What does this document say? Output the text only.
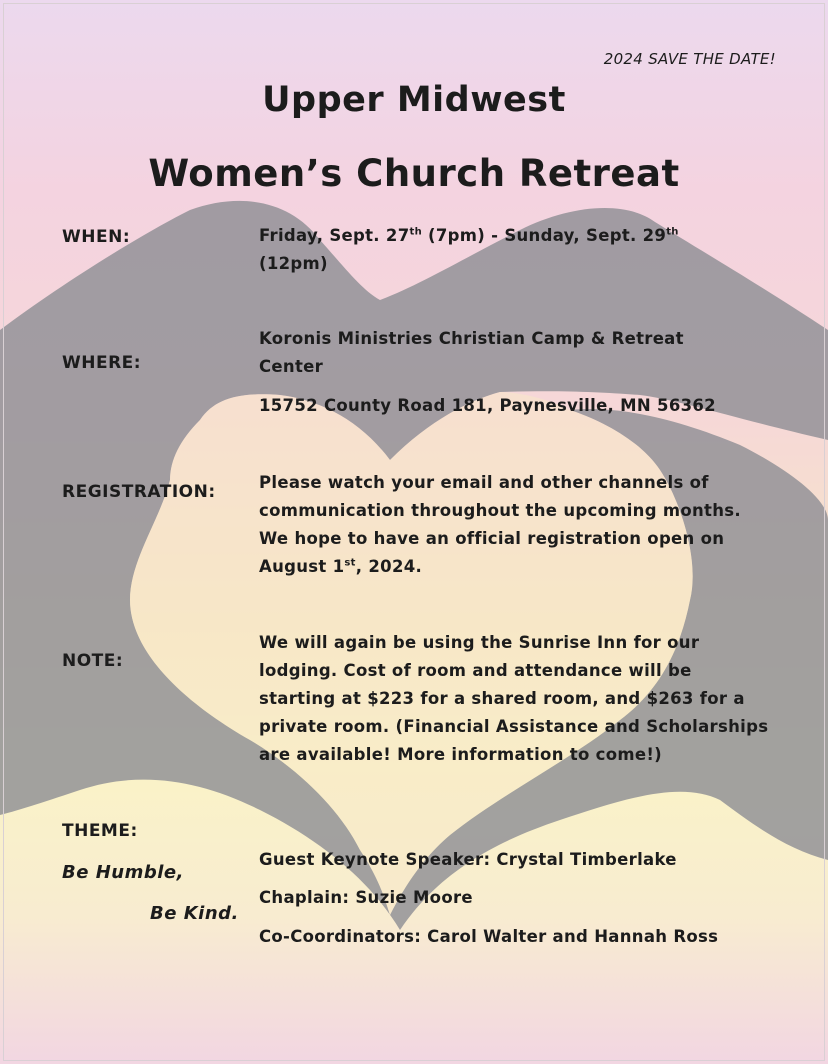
2024 SAVE THE DATE!
Upper Midwest
Women’s Church Retreat
WHEN:	Friday, Sept. 27th (7pm) - Sunday, Sept. 29th
(12pm)
WHERE:
Koronis Ministries Christian Camp & Retreat Center
15752 County Road 181, Paynesville, MN 56362
REGISTRATION:	Please watch your email and other channels of communication throughout the upcoming months. We hope to have an official registration open on August 1st, 2024.
NOTE:
We will again be using the Sunrise Inn for our lodging. Cost of room and attendance will be starting at $223 for a shared room, and $263 for a private room. (Financial Assistance and Scholarships are available! More information to come!)
THEME:
Be Humble,
Be Kind.
Guest Keynote Speaker: Crystal Timberlake
Chaplain: Suzie Moore
Co-Coordinators: Carol Walter and Hannah Ross
